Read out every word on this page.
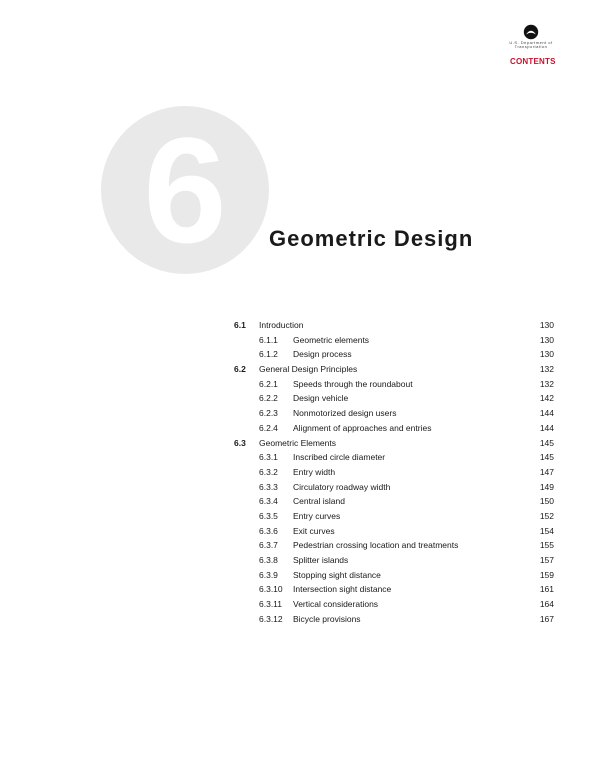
U.S. Department of Transportation
CONTENTS
6	Geometric Design
6.1 Introduction	130
6.1.1 Geometric elements	130
6.1.2 Design process	130
6.2 General Design Principles	132
6.2.1 Speeds through the roundabout	132
6.2.2 Design vehicle	142
6.2.3 Nonmotorized design users	144
6.2.4 Alignment of approaches and entries	144
6.3 Geometric Elements	145
6.3.1 Inscribed circle diameter	145
6.3.2 Entry width	147
6.3.3 Circulatory roadway width	149
6.3.4 Central island	150
6.3.5 Entry curves	152
6.3.6 Exit curves	154
6.3.7 Pedestrian crossing location and treatments	155
6.3.8 Splitter islands	157
6.3.9 Stopping sight distance	159
6.3.10 Intersection sight distance	161
6.3.11 Vertical considerations	164
6.3.12 Bicycle provisions	167
